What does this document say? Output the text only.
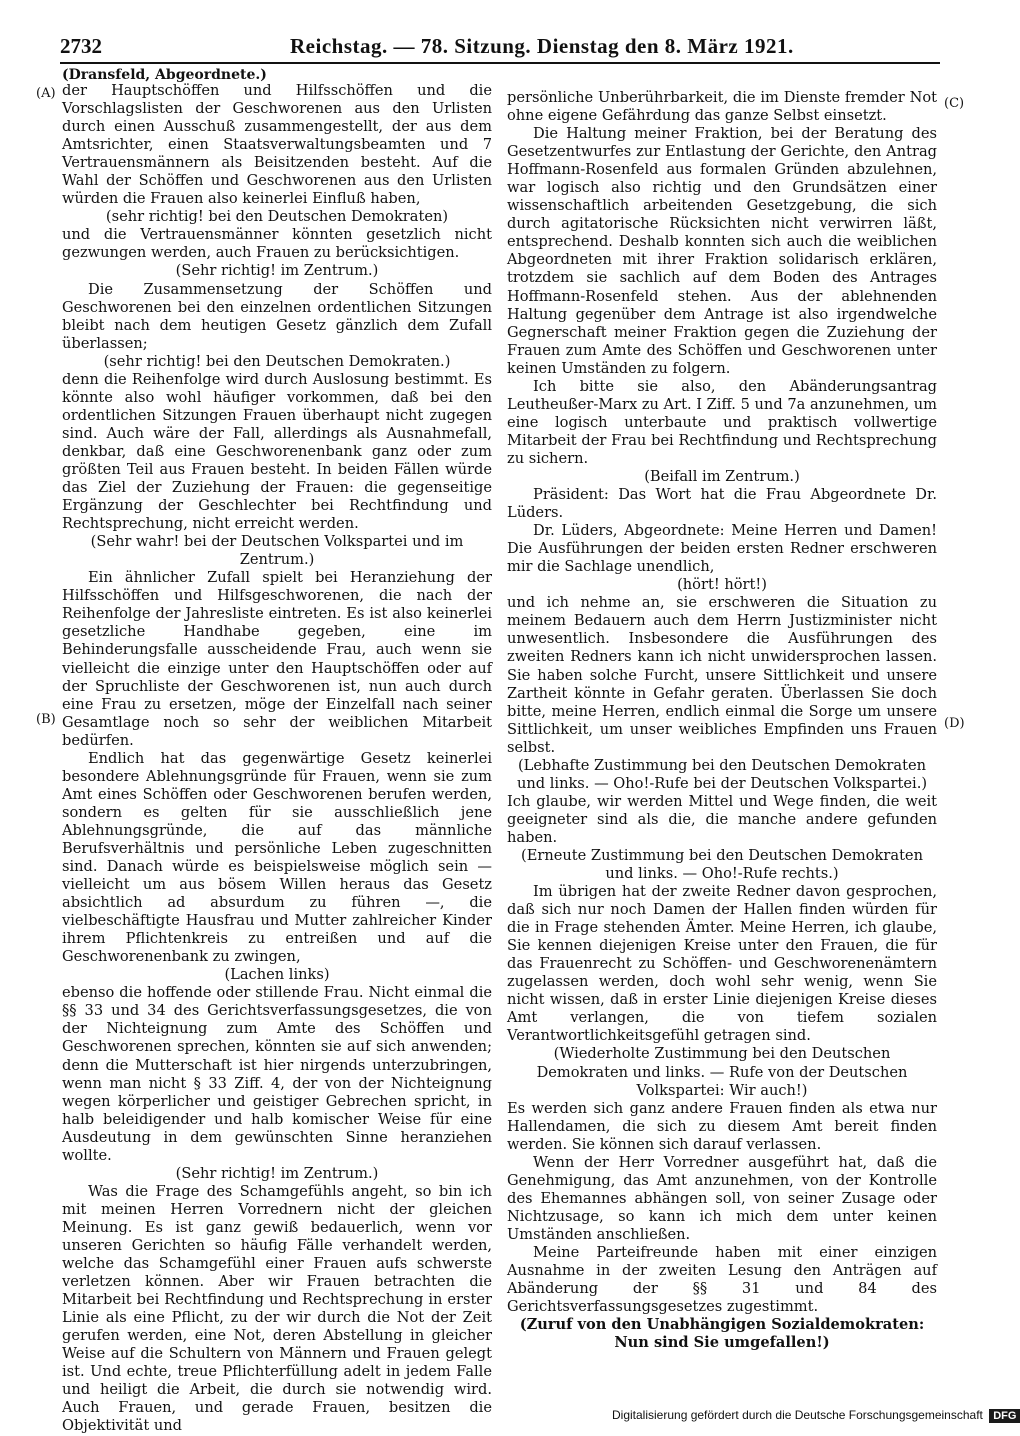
2732	Reichstag. — 78. Sitzung. Dienstag den 8. März 1921.
(Dransfeld, Abgeordnete.)
(A)
(B)
(C)
(D)

der Hauptschöffen und Hilfsschöffen und die Vorschlagslisten der Geschworenen aus den Urlisten durch einen Ausschuß zusammengestellt, der aus dem Amtsrichter, einen Staatsverwaltungsbeamten und 7 Vertrauensmännern als Beisitzenden besteht. Auf die Wahl der Schöffen und Geschworenen aus den Urlisten würden die Frauen also keinerlei Einfluß haben,

(sehr richtig! bei den Deutschen Demokraten)

und die Vertrauensmänner könnten gesetzlich nicht gezwungen werden, auch Frauen zu berücksichtigen.

(Sehr richtig! im Zentrum.)

Die Zusammensetzung der Schöffen und Geschworenen bei den einzelnen ordentlichen Sitzungen bleibt nach dem heutigen Gesetz gänzlich dem Zufall überlassen;

(sehr richtig! bei den Deutschen Demokraten.)

denn die Reihenfolge wird durch Auslosung bestimmt. Es könnte also wohl häufiger vorkommen, daß bei den ordentlichen Sitzungen Frauen überhaupt nicht zugegen sind. Auch wäre der Fall, allerdings als Ausnahmefall, denkbar, daß eine Geschworenenbank ganz oder zum größten Teil aus Frauen besteht. In beiden Fällen würde das Ziel der Zuziehung der Frauen: die gegenseitige Ergänzung der Geschlechter bei Rechtfindung und Rechtsprechung, nicht erreicht werden.

(Sehr wahr! bei der Deutschen Volkspartei und im Zentrum.)

Ein ähnlicher Zufall spielt bei Heranziehung der Hilfsschöffen und Hilfsgeschworenen, die nach der Reihenfolge der Jahresliste eintreten. Es ist also keinerlei gesetzliche Handhabe gegeben, eine im Behinderungsfalle ausscheidende Frau, auch wenn sie vielleicht die einzige unter den Hauptschöffen oder auf der Spruchliste der Geschworenen ist, nun auch durch eine Frau zu ersetzen, möge der Einzelfall nach seiner Gesamtlage noch so sehr der weiblichen Mitarbeit bedürfen.

Endlich hat das gegenwärtige Gesetz keinerlei besondere Ablehnungsgründe für Frauen, wenn sie zum Amt eines Schöffen oder Geschworenen berufen werden, sondern es gelten für sie ausschließlich jene Ablehnungsgründe, die auf das männliche Berufsverhältnis und persönliche Leben zugeschnitten sind. Danach würde es beispielsweise möglich sein — vielleicht um aus bösem Willen heraus das Gesetz absichtlich ad absurdum zu führen —, die vielbeschäftigte Hausfrau und Mutter zahlreicher Kinder ihrem Pflichtenkreis zu entreißen und auf die Geschworenenbank zu zwingen,

(Lachen links)

ebenso die hoffende oder stillende Frau. Nicht einmal die §§ 33 und 34 des Gerichtsverfassungsgesetzes, die von der Nichteignung zum Amte des Schöffen und Geschworenen sprechen, könnten sie auf sich anwenden; denn die Mutterschaft ist hier nirgends unterzubringen, wenn man nicht § 33 Ziff. 4, der von der Nichteignung wegen körperlicher und geistiger Gebrechen spricht, in halb beleidigender und halb komischer Weise für eine Ausdeutung in dem gewünschten Sinne heranziehen wollte.

(Sehr richtig! im Zentrum.)

Was die Frage des Schamgefühls angeht, so bin ich mit meinen Herren Vorrednern nicht der gleichen Meinung. Es ist ganz gewiß bedauerlich, wenn vor unseren Gerichten so häufig Fälle verhandelt werden, welche das Schamgefühl einer Frauen aufs schwerste verletzen können. Aber wir Frauen betrachten die Mitarbeit bei Rechtfindung und Rechtsprechung in erster Linie als eine Pflicht, zu der wir durch die Not der Zeit gerufen werden, eine Not, deren Abstellung in gleicher Weise auf die Schultern von Männern und Frauen gelegt ist. Und echte, treue Pflichterfüllung adelt in jedem Falle und heiligt die Arbeit, die durch sie notwendig wird. Auch Frauen, und gerade Frauen, besitzen die Objektivität und

persönliche Unberührbarkeit, die im Dienste fremder Not ohne eigene Gefährdung das ganze Selbst einsetzt.

Die Haltung meiner Fraktion, bei der Beratung des Gesetzentwurfes zur Entlastung der Gerichte, den Antrag Hoffmann-Rosenfeld aus formalen Gründen abzulehnen, war logisch also richtig und den Grundsätzen einer wissenschaftlich arbeitenden Gesetzgebung, die sich durch agitatorische Rücksichten nicht verwirren läßt, entsprechend. Deshalb konnten sich auch die weiblichen Abgeordneten mit ihrer Fraktion solidarisch erklären, trotzdem sie sachlich auf dem Boden des Antrages Hoffmann-Rosenfeld stehen. Aus der ablehnenden Haltung gegenüber dem Antrage ist also irgendwelche Gegnerschaft meiner Fraktion gegen die Zuziehung der Frauen zum Amte des Schöffen und Geschworenen unter keinen Umständen zu folgern.

Ich bitte sie also, den Abänderungsantrag Leutheußer-Marx zu Art. I Ziff. 5 und 7a anzunehmen, um eine logisch unterbaute und praktisch vollwertige Mitarbeit der Frau bei Rechtfindung und Rechtsprechung zu sichern.

(Beifall im Zentrum.)

Präsident: Das Wort hat die Frau Abgeordnete Dr. Lüders.

Dr. Lüders, Abgeordnete: Meine Herren und Damen! Die Ausführungen der beiden ersten Redner erschweren mir die Sachlage unendlich,

(hört! hört!)

und ich nehme an, sie erschweren die Situation zu meinem Bedauern auch dem Herrn Justizminister nicht unwesentlich. Insbesondere die Ausführungen des zweiten Redners kann ich nicht unwidersprochen lassen. Sie haben solche Furcht, unsere Sittlichkeit und unsere Zartheit könnte in Gefahr geraten. Überlassen Sie doch bitte, meine Herren, endlich einmal die Sorge um unsere Sittlichkeit, um unser weibliches Empfinden uns Frauen selbst.

(Lebhafte Zustimmung bei den Deutschen Demokraten und links. — Oho!-Rufe bei der Deutschen Volkspartei.)

Ich glaube, wir werden Mittel und Wege finden, die weit geeigneter sind als die, die manche andere gefunden haben.

(Erneute Zustimmung bei den Deutschen Demokraten und links. — Oho!-Rufe rechts.)

Im übrigen hat der zweite Redner davon gesprochen, daß sich nur noch Damen der Hallen finden würden für die in Frage stehenden Ämter. Meine Herren, ich glaube, Sie kennen diejenigen Kreise unter den Frauen, die für das Frauenrecht zu Schöffen- und Geschworenenämtern zugelassen werden, doch wohl sehr wenig, wenn Sie nicht wissen, daß in erster Linie diejenigen Kreise dieses Amt verlangen, die von tiefem sozialen Verantwortlichkeitsgefühl getragen sind.

(Wiederholte Zustimmung bei den Deutschen Demokraten und links. — Rufe von der Deutschen Volkspartei: Wir auch!)

Es werden sich ganz andere Frauen finden als etwa nur Hallendamen, die sich zu diesem Amt bereit finden werden. Sie können sich darauf verlassen.

Wenn der Herr Vorredner ausgeführt hat, daß die Genehmigung, das Amt anzunehmen, von der Kontrolle des Ehemannes abhängen soll, von seiner Zusage oder Nichtzusage, so kann ich mich dem unter keinen Umständen anschließen.

Meine Parteifreunde haben mit einer einzigen Ausnahme in der zweiten Lesung den Anträgen auf Abänderung der §§ 31 und 84 des Gerichtsverfassungsgesetzes zugestimmt.

(Zuruf von den Unabhängigen Sozialdemokraten: Nun sind Sie umgefallen!)

Digitalisierung gefördert durch die Deutsche Forschungsgemeinschaft DFG
